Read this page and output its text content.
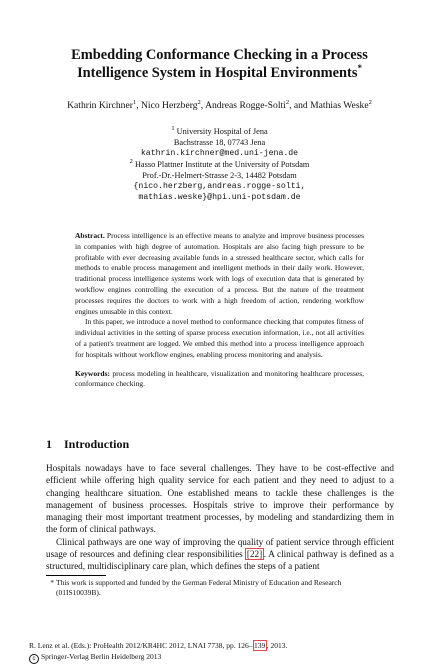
Embedding Conformance Checking in a Process
Intelligence System in Hospital Environments*
Kathrin Kirchner$^1$, Nico Herzberg$^2$, Andreas Rogge-Solti$^2$, and Mathias Weske$^2$
$^1$ University Hospital of Jena
Bachstrasse 18, 07743 Jena
kathrin.kirchner@med.uni-jena.de
$^2$ Hasso Plattner Institute at the University of Potsdam
Prof.-Dr.-Helmert-Strasse 2-3, 14482 Potsdam
{nico.herzberg,andreas.rogge-solti,
mathias.weske}@hpi.uni-potsdam.de

Abstract. Process intelligence is an effective means to analyze and improve business processes in companies with high degree of automation. Hospitals are also facing high pressure to be profitable with ever decreasing available funds in a stressed healthcare sector, which calls for methods to enable process management and intelligent methods in their daily work. However, traditional process intelligence systems work with logs of execution data that is generated by workflow engines controlling the execution of a process. But the nature of the treatment processes requires the doctors to work with a high freedom of action, rendering workflow engines unusable in this context.

In this paper, we introduce a novel method to conformance checking that computes fitness of individual activities in the setting of sparse process execution information, i.e., not all activities of a patient's treatment are logged. We embed this method into a process intelligence approach for hospitals without workflow engines, enabling process monitoring and analysis.

Keywords: process modeling in healthcare, visualization and monitoring healthcare processes, conformance checking.

1 Introduction

Hospitals nowadays have to face several challenges. They have to be cost-effective and efficient while offering high quality service for each patient and they need to adjust to a changing healthcare situation. One established means to tackle these challenges is the management of business processes. Hospitals strive to improve their performance by managing their most important treatment processes, by modeling and standardizing them in the form of clinical pathways.

Clinical pathways are one way of improving the quality of patient service through efficient usage of resources and defining clear responsibilities [22] . A clinical pathway is defined as a structured, multidisciplinary care plan, which defines the steps of a patient

* This work is supported and funded by the German Federal Ministry of Education and Research
(01IS10039B).
R. Lenz et al. (Eds.): ProHealth 2012/KR4HC 2012, LNAI 7738, pp. 126– 139 , 2013.
c Springer-Verlag Berlin Heidelberg 2013
